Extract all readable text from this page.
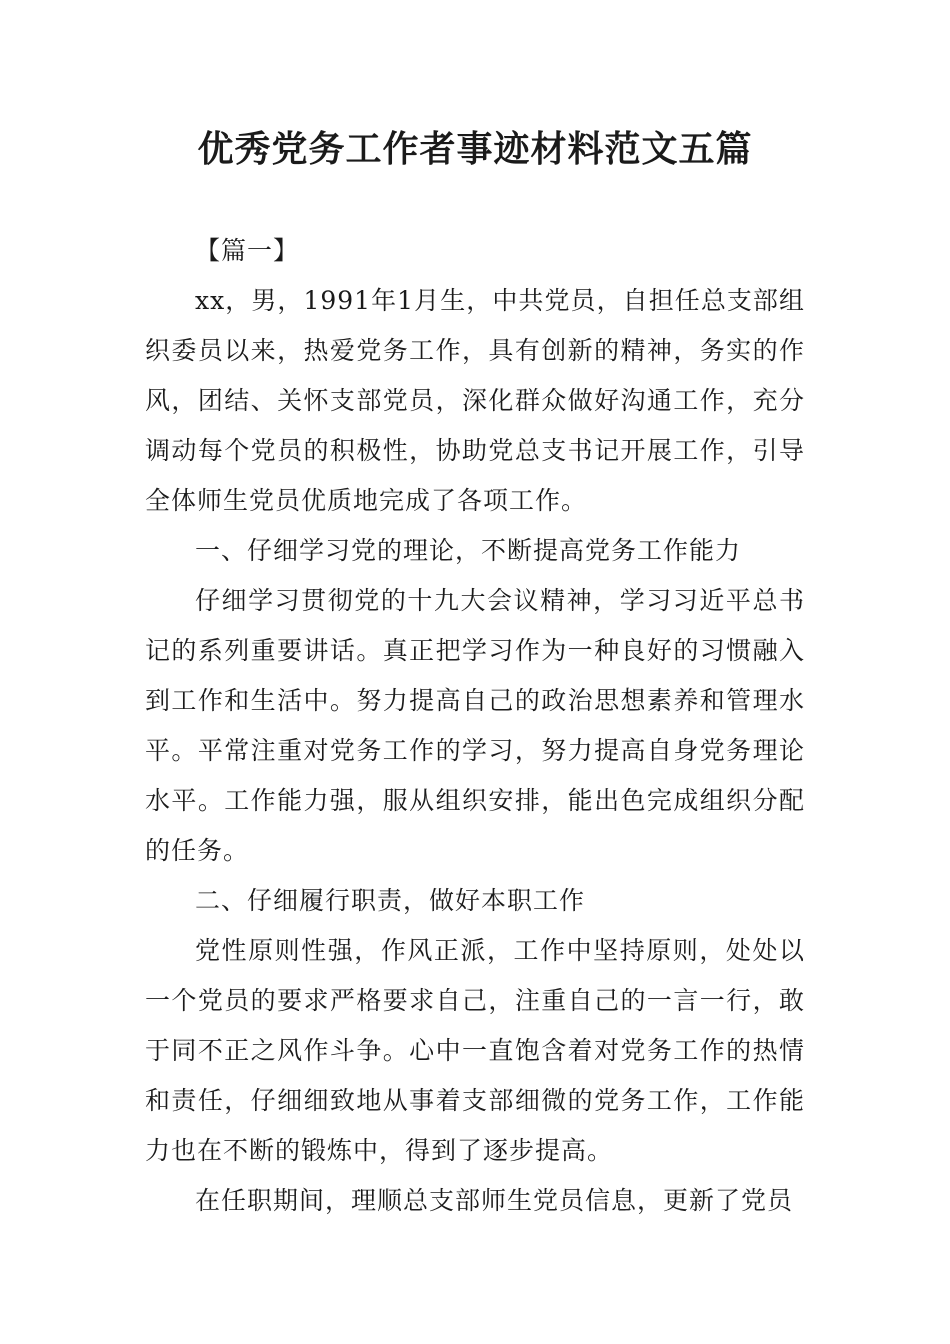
优秀党务工作者事迹材料范文五篇

【篇一】

xx，男，1991年1月生，中共党员，自担任总支部组织委员以来，热爱党务工作，具有创新的精神，务实的作风，团结、关怀支部党员，深化群众做好沟通工作，充分调动每个党员的积极性，协助党总支书记开展工作，引导全体师生党员优质地完成了各项工作。

一、仔细学习党的理论，不断提高党务工作能力

仔细学习贯彻党的十九大会议精神，学习习近平总书记的系列重要讲话。真正把学习作为一种良好的习惯融入到工作和生活中。努力提高自己的政治思想素养和管理水平。平常注重对党务工作的学习，努力提高自身党务理论水平。工作能力强，服从组织安排，能出色完成组织分配的任务。

二、仔细履行职责，做好本职工作

党性原则性强，作风正派，工作中坚持原则，处处以一个党员的要求严格要求自己，注重自己的一言一行，敢于同不正之风作斗争。心中一直饱含着对党务工作的热情和责任，仔细细致地从事着支部细微的党务工作，工作能力也在不断的锻炼中，得到了逐步提高。

在任职期间，理顺总支部师生党员信息，更新了党员
